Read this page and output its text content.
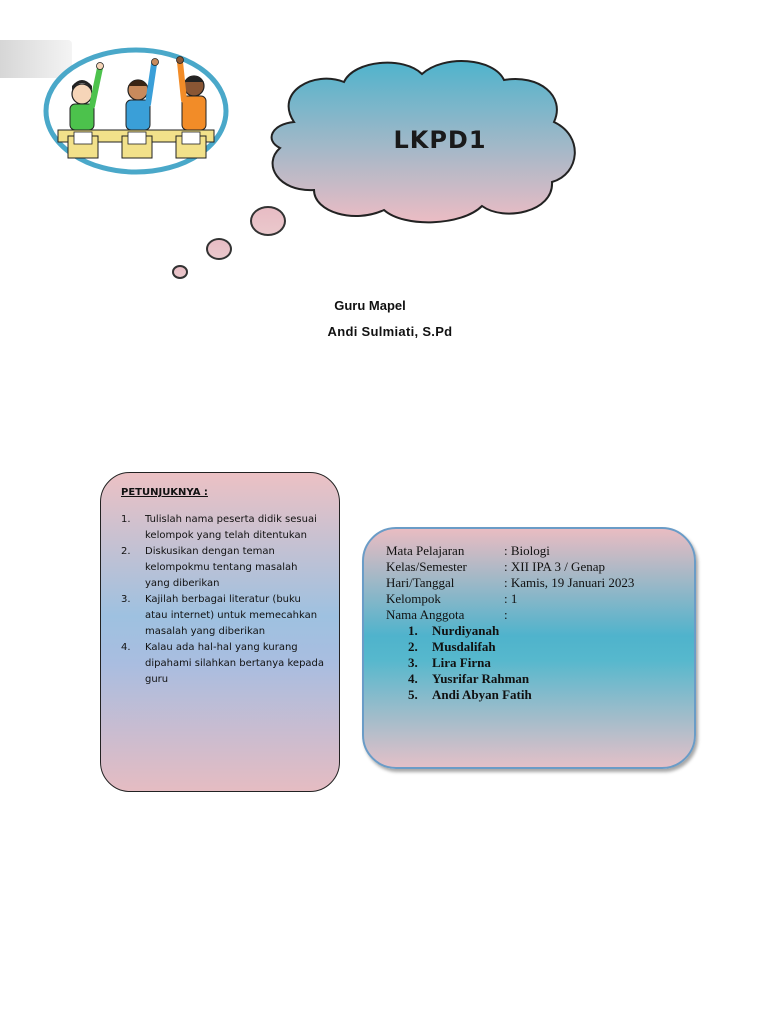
LKPD1
Guru Mapel
Andi Sulmiati, S.Pd

PETUNJUKNYA :

1.	Tulislah nama peserta didik sesuai kelompok yang telah ditentukan
2.	Diskusikan dengan teman kelompokmu tentang masalah yang diberikan
3.	Kajilah berbagai literatur (buku atau internet) untuk memecahkan masalah yang diberikan
4.	Kalau ada hal-hal yang kurang dipahami silahkan bertanya kepada guru
Mata Pelajaran	: Biologi
Kelas/Semester	: XII IPA 3 / Genap
Hari/Tanggal	: Kamis, 19 Januari 2023
Kelompok	: 1
Nama Anggota	:
1.	Nurdiyanah
2.	Musdalifah
3.	Lira Firna
4.	Yusrifar Rahman
5.	Andi Abyan Fatih
